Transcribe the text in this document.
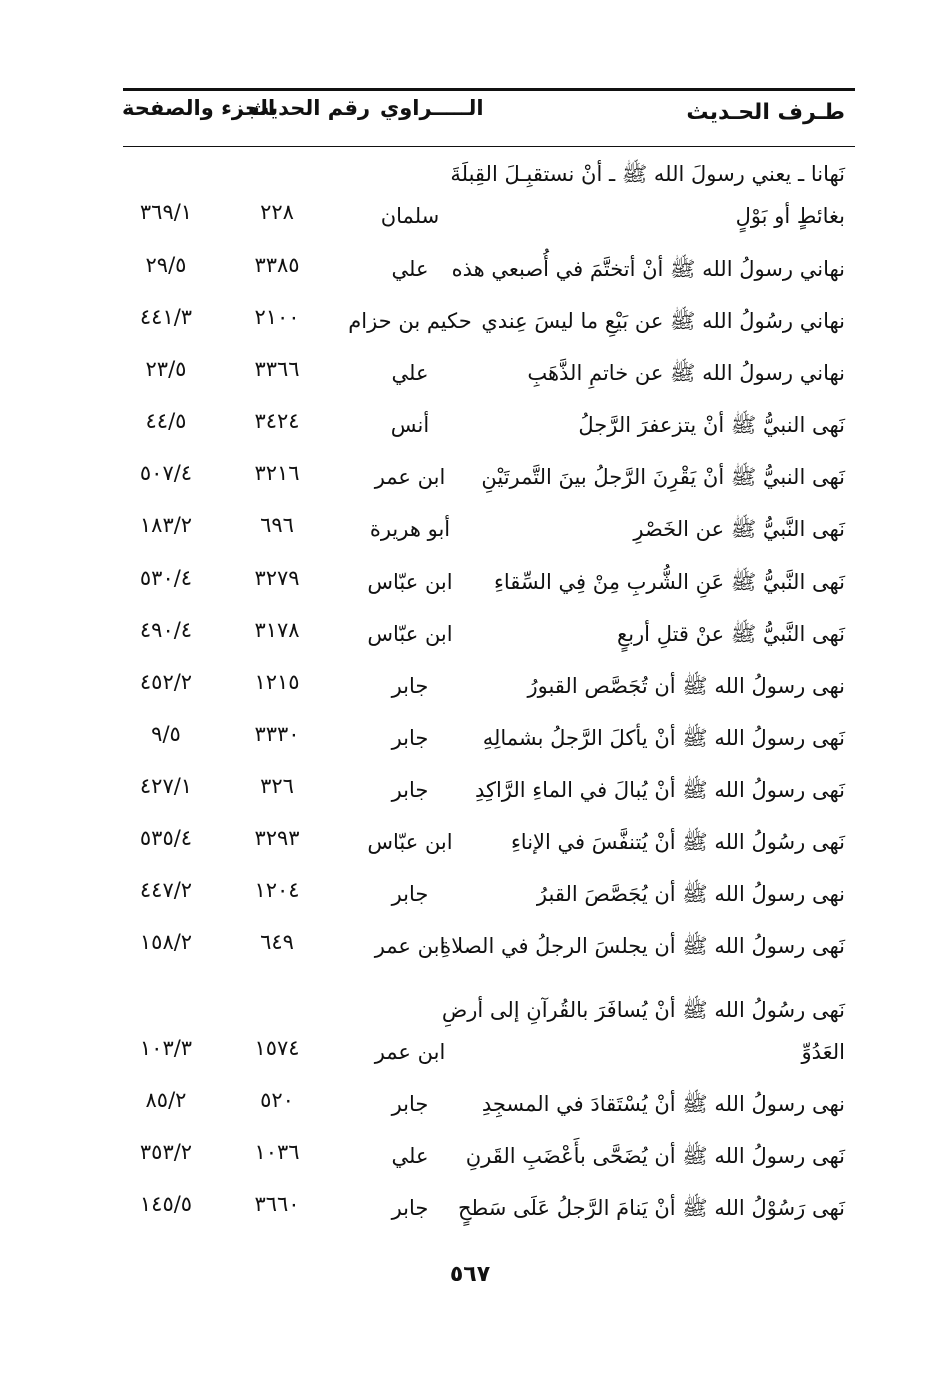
طـرف الحـديث
الـــــراوي
رقم الحديث
الجزء والصفحة
نَهانا ـ يعني رسولَ الله ﷺ ـ أنْ نستقبِـلَ القِبلَةَ
بغائطٍ أو بَوْلٍ
سلمان
٢٢٨
٣٦٩/١
نهاني رسولُ الله ﷺ أنْ أتختَّمَ في أُصبعي هذه
علي
٣٣٨٥
٢٩/٥
نهاني رسُولُ الله ﷺ عن بَيْعِ ما ليسَ عِندي
حكيم بن حزام
٢١٠٠
٤٤١/٣
نهاني رسولُ الله ﷺ عن خاتمِ الذَّهَبِ
علي
٣٣٦٦
٢٣/٥
نَهى النبيُّ ﷺ أنْ يتزعفرَ الرَّجلُ
أنس
٣٤٢٤
٤٤/٥
نَهى النبيُّ ﷺ أنْ يَقْرِنَ الرَّجلُ بينَ التَّمرتَيْنِ
ابن عمر
٣٢١٦
٥٠٧/٤
نَهى النَّبيُّ ﷺ عن الخَصْرِ
أبو هريرة
٦٩٦
١٨٣/٢
نَهى النَّبيُّ ﷺ عَنِ الشُّربِ مِنْ فِي السِّقاءِ
ابن عبّاس
٣٢٧٩
٥٣٠/٤
نَهى النَّبيُّ ﷺ عنْ قتلِ أربعٍ
ابن عبّاس
٣١٧٨
٤٩٠/٤
نهى رسولُ الله ﷺ أن تُجَصَّص القبورُ
جابر
١٢١٥
٤٥٢/٢
نَهى رسولُ الله ﷺ أنْ يأكلَ الرَّجلُ بشمالِهِ
جابر
٣٣٣٠
٩/٥
نَهى رسولُ الله ﷺ أنْ يُبالَ في الماءِ الرَّاكِدِ
جابر
٣٢٦
٤٢٧/١
نَهى رسُولُ الله ﷺ أنْ يُتنفَّسَ في الإناءِ
ابن عبّاس
٣٢٩٣
٥٣٥/٤
نهى رسولُ الله ﷺ أن يُجَصَّصَ القبرُ
جابر
١٢٠٤
٤٤٧/٢
نَهى رسولُ الله ﷺ أن يجلسَ الرجلُ في الصلاةِ
ابن عمر
٦٤٩
١٥٨/٢
نَهى رسُولُ الله ﷺ أنْ يُسافَرَ بالقُرآنِ إلى أرضِ
العَدُوِّ
ابن عمر
١٥٧٤
١٠٣/٣
نهى رسولُ الله ﷺ أنْ يُسْتَقادَ في المسجِدِ
جابر
٥٢٠
٨٥/٢
نَهى رسولُ الله ﷺ أن يُضَحَّى بأَعْضَبِ القَرنِ
علي
١٠٣٦
٣٥٣/٢
نَهى رَسُوْلُ الله ﷺ أنْ يَنامَ الرَّجلُ عَلَى سَطحٍ
جابر
٣٦٦٠
١٤٥/٥
٥٦٧
